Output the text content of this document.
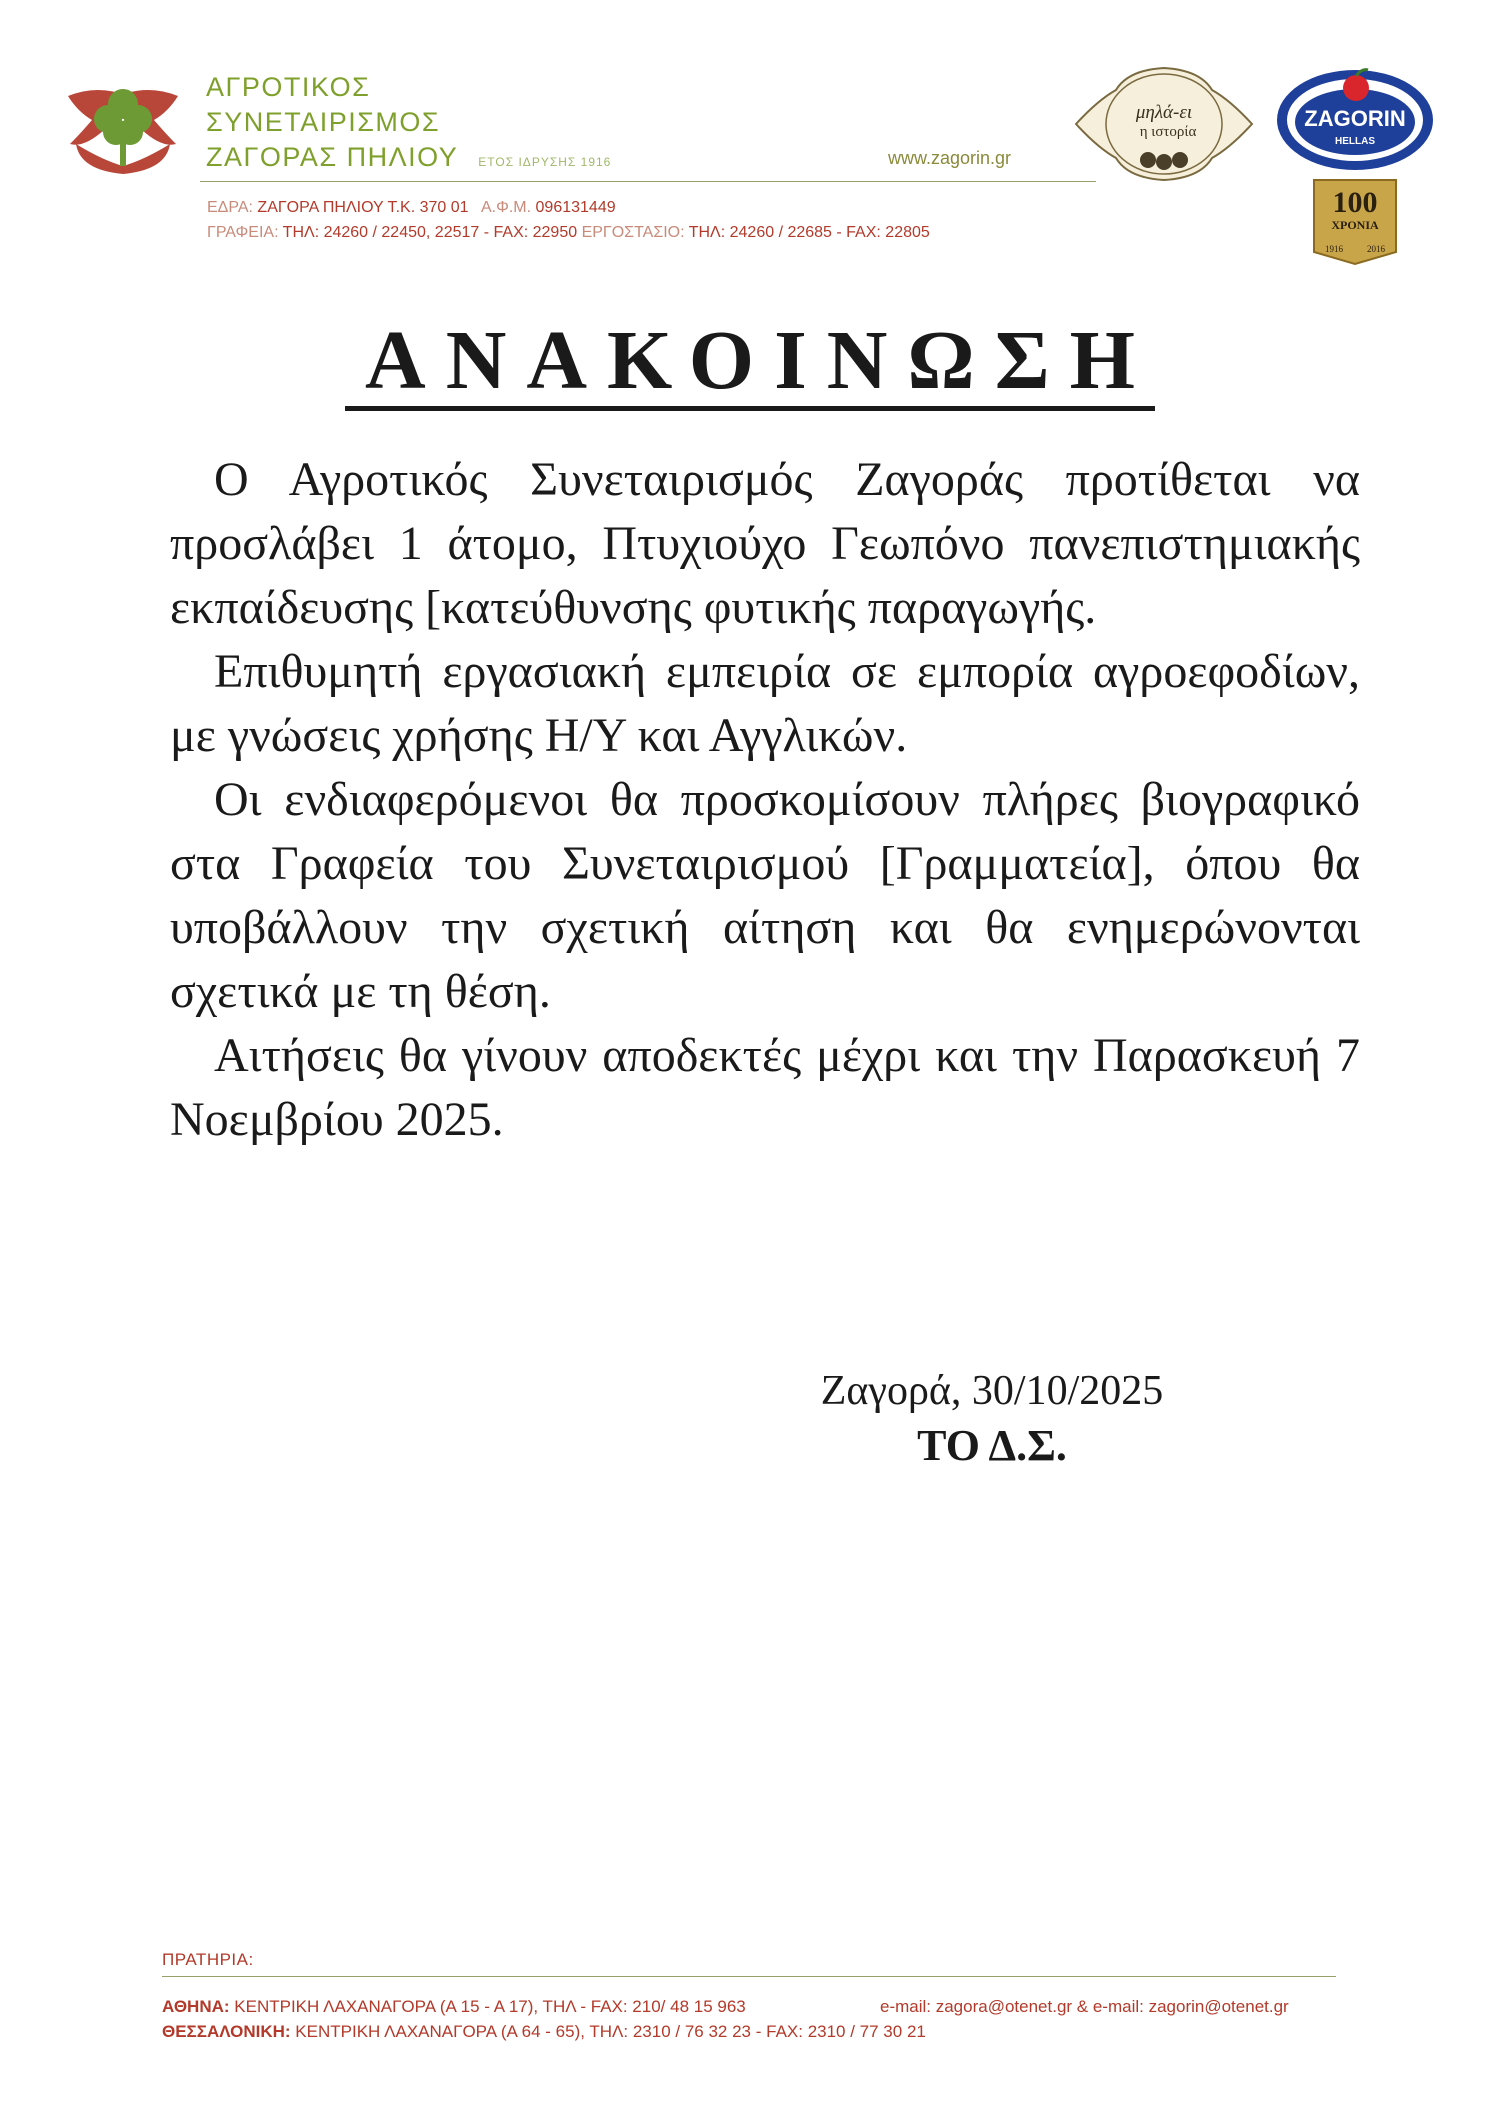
ΑΓΡΟΤΙΚΟΣ
ΣΥΝΕΤΑΙΡΙΣΜΟΣ
ΖΑΓΟΡΑΣ ΠΗΛΙΟΥ ΕΤΟΣ ΙΔΡΥΣΗΣ 1916	www.zagorin.gr
ΕΔΡΑ: ΖΑΓΟΡΑ ΠΗΛΙΟΥ Τ.Κ. 370 01 Α.Φ.Μ. 096131449
ΓΡΑΦΕΙΑ: ΤΗΛ: 24260 / 22450, 22517 - FAX: 22950 ΕΡΓΟΣΤΑΣΙΟ: ΤΗΛ: 24260 / 22685 - FAX: 22805
μηλά-ει
η ιστορία
ZAGORIN
HELLAS
100
ΧΡΟΝΙΑ
1916	2016
ΑΝΑΚΟΙΝΩΣΗ

Ο Αγροτικός Συνεταιρισμός Ζαγοράς προτίθεται να προσλάβει 1 άτομο, Πτυχιούχο Γεωπόνο πανεπιστημιακής εκπαίδευσης [κατεύθυνσης φυτικής παραγωγής.

Επιθυμητή εργασιακή εμπειρία σε εμπορία αγροεφοδίων, με γνώσεις χρήσης Η/Υ και Αγγλικών.

Οι ενδιαφερόμενοι θα προσκομίσουν πλήρες βιογραφικό στα Γραφεία του Συνεταιρισμού [Γραμματεία], όπου θα υποβάλλουν την σχετική αίτηση και θα ενημερώνονται σχετικά με τη θέση.

Αιτήσεις θα γίνουν αποδεκτές μέχρι και την Παρασκευή 7 Νοεμβρίου 2025.

Ζαγορά, 30/10/2025
ΤΟ Δ.Σ.
ΠΡΑΤΗΡΙΑ:
ΑΘΗΝΑ: ΚΕΝΤΡΙΚΗ ΛΑΧΑΝΑΓΟΡΑ (Α 15 - Α 17), ΤΗΛ - FAX: 210/ 48 15 963	e-mail: zagora@otenet.gr & e-mail: zagorin@otenet.gr
ΘΕΣΣΑΛΟΝΙΚΗ: ΚΕΝΤΡΙΚΗ ΛΑΧΑΝΑΓΟΡΑ (Α 64 - 65), ΤΗΛ: 2310 / 76 32 23 - FAX: 2310 / 77 30 21
